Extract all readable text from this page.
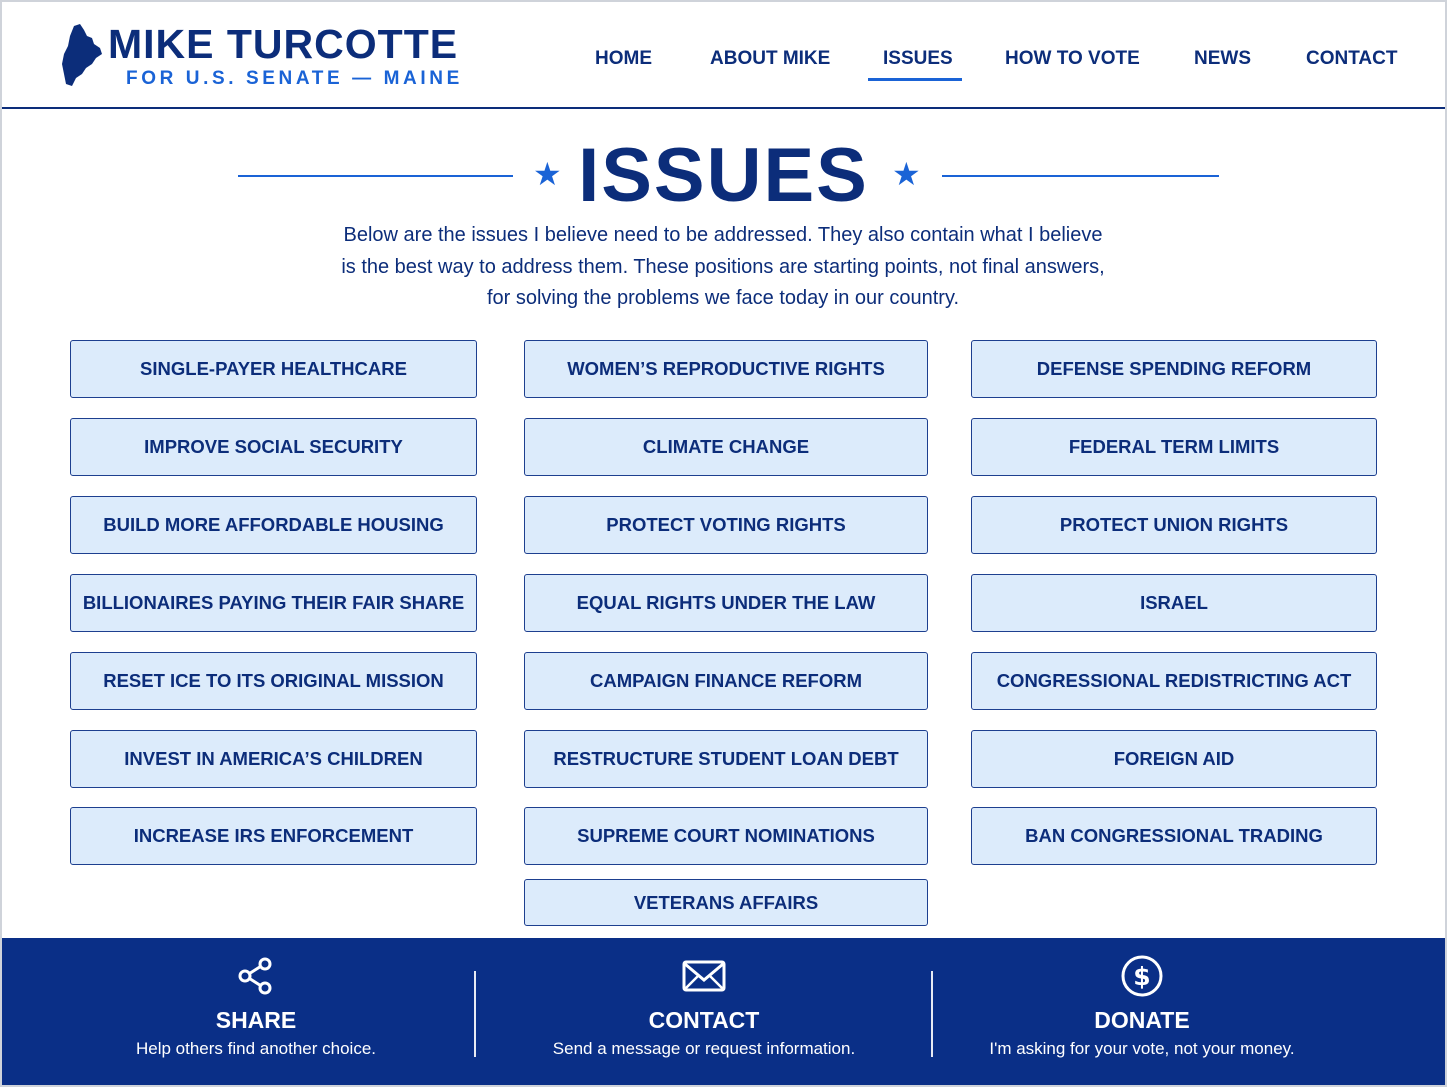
MIKE TURCOTTE
FOR U.S. SENATE — MAINE
HOME	ABOUT MIKE	ISSUES	HOW TO VOTE	NEWS	CONTACT
★ ISSUES ★

Below are the issues I believe need to be addressed. They also contain what I believe

is the best way to address them. These positions are starting points, not final answers,

for solving the problems we face today in our country.

SINGLE-PAYER HEALTHCARE
IMPROVE SOCIAL SECURITY
BUILD MORE AFFORDABLE HOUSING
BILLIONAIRES PAYING THEIR FAIR SHARE
RESET ICE TO ITS ORIGINAL MISSION
INVEST IN AMERICA’S CHILDREN
INCREASE IRS ENFORCEMENT
WOMEN’S REPRODUCTIVE RIGHTS
CLIMATE CHANGE
PROTECT VOTING RIGHTS
EQUAL RIGHTS UNDER THE LAW
CAMPAIGN FINANCE REFORM
RESTRUCTURE STUDENT LOAN DEBT
SUPREME COURT NOMINATIONS
VETERANS AFFAIRS
DEFENSE SPENDING REFORM
FEDERAL TERM LIMITS
PROTECT UNION RIGHTS
ISRAEL
CONGRESSIONAL REDISTRICTING ACT
FOREIGN AID
BAN CONGRESSIONAL TRADING
SHARE
Help others find another choice.
CONTACT
Send a message or request information.
$
DONATE
I'm asking for your vote, not your money.
